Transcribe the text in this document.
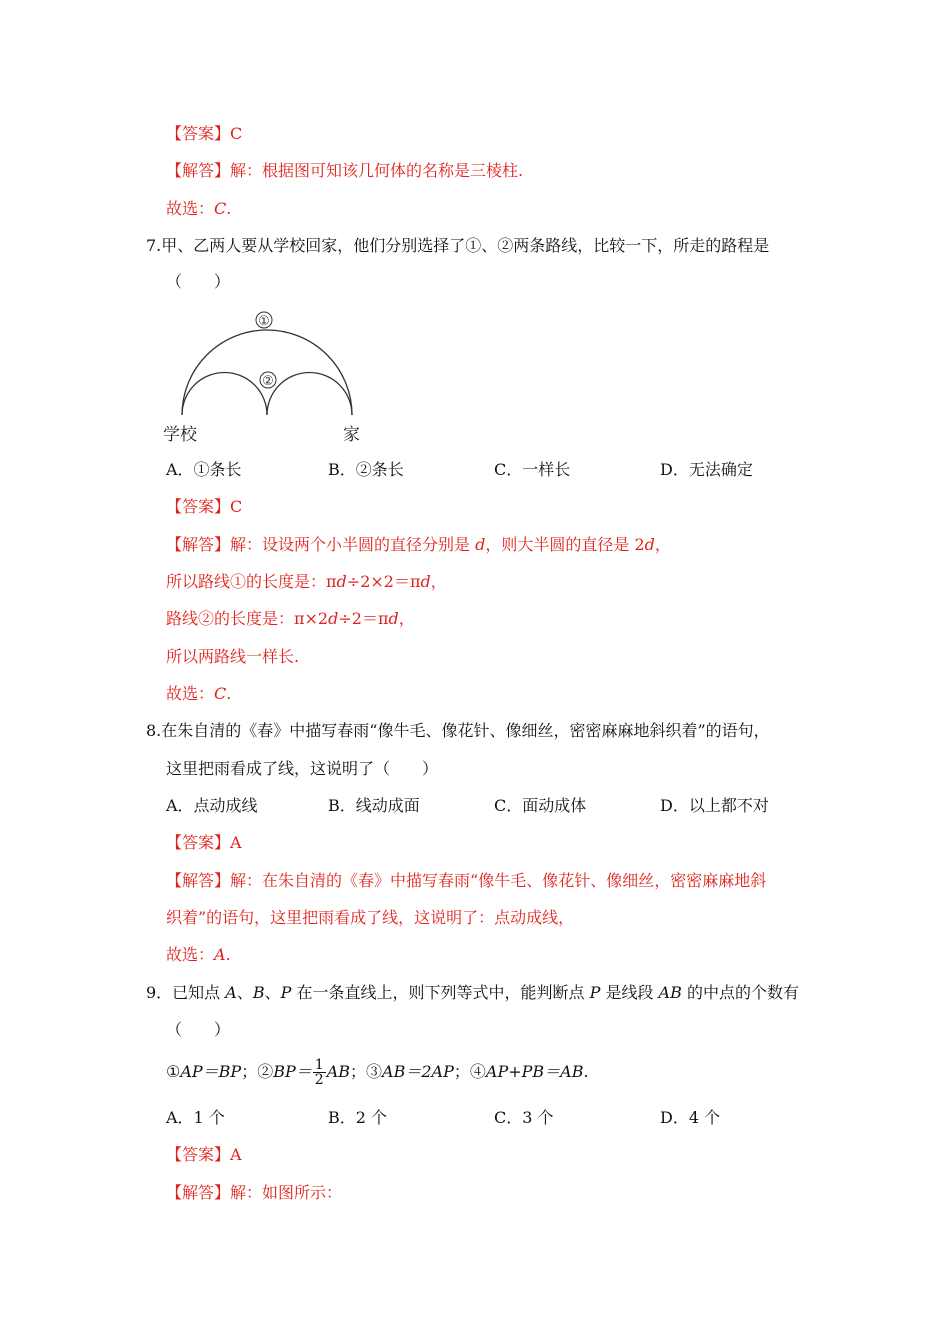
【答案】C
【解答】解：根据图可知该几何体的名称是三棱柱.
故选：C.
7.甲、乙两人要从学校回家，他们分别选择了①、②两条路线，比较一下，所走的路程是
（　　）
①
②
学校	家
A．①条长	B．②条长	C．一样长	D．无法确定
【答案】C
【解答】解：设设两个小半圆的直径分别是 d，则大半圆的直径是 2d，
所以路线①的长度是：πd÷2×2＝πd，
路线②的长度是：π×2d÷2＝πd，
所以两路线一样长.
故选：C.
8.在朱自清的《春》中描写春雨“像牛毛、像花针、像细丝，密密麻麻地斜织着”的语句，
这里把雨看成了线，这说明了（　　）
A．点动成线	B．线动成面	C．面动成体	D．以上都不对
【答案】A
【解答】解：在朱自清的《春》中描写春雨“像牛毛、像花针、像细丝，密密麻麻地斜
织着”的语句，这里把雨看成了线，这说明了：点动成线，
故选：A.
9．已知点 A、B、P 在一条直线上，则下列等式中，能判断点 P 是线段 AB 的中点的个数有
（　　）
①AP＝BP；②BP＝ $\frac{1}{2}$ AB；③AB＝2AP；④AP+PB＝AB.
A．1 个	B．2 个	C．3 个	D．4 个
【答案】A
【解答】解：如图所示：
